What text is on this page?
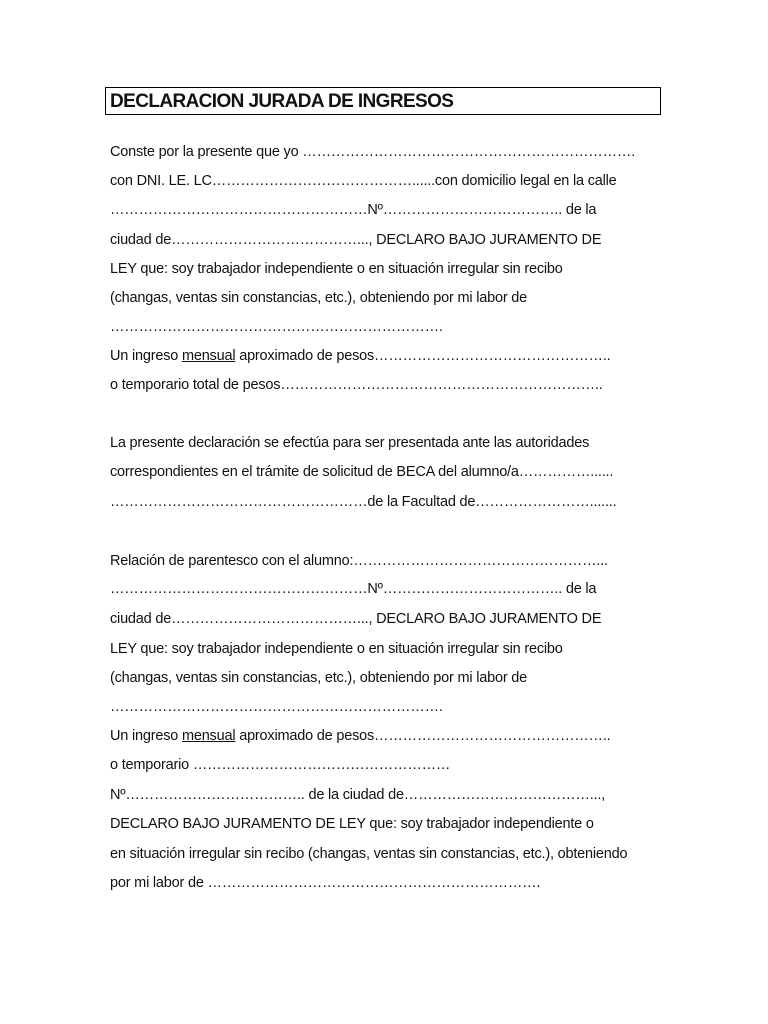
DECLARACION JURADA DE INGRESOS
Conste por la presente que yo …………………………………………………………….
con DNI. LE. LC……………………………………......con domicilio legal en la calle
………………………………………………Nº……………………………….. de la
ciudad de…………………………………..., DECLARO BAJO JURAMENTO DE
LEY que: soy trabajador independiente o en situación irregular sin recibo
(changas, ventas sin constancias, etc.), obteniendo por mi labor de
…………………………………………………………….
Un ingreso mensual aproximado de pesos…………………………………………..
o temporario total de pesos…………………………………………………………..
La presente declaración se efectúa para ser presentada ante las autoridades
correspondientes en el trámite de solicitud de BECA del alumno/a……………......
………………………………………………de la Facultad de…………………….......
Relación de parentesco con el alumno:……………………………………………...
………………………………………………Nº……………………………….. de la
ciudad de…………………………………..., DECLARO BAJO JURAMENTO DE
LEY que: soy trabajador independiente o en situación irregular sin recibo
(changas, ventas sin constancias, etc.), obteniendo por mi labor de
…………………………………………………………….
Un ingreso mensual aproximado de pesos…………………………………………..
o temporario ………………………………………………
Nº……………………………….. de la ciudad de…………………………………...,
DECLARO BAJO JURAMENTO DE LEY que: soy trabajador independiente o
en situación irregular sin recibo (changas, ventas sin constancias, etc.), obteniendo
por mi labor de …………………………………………………………….
